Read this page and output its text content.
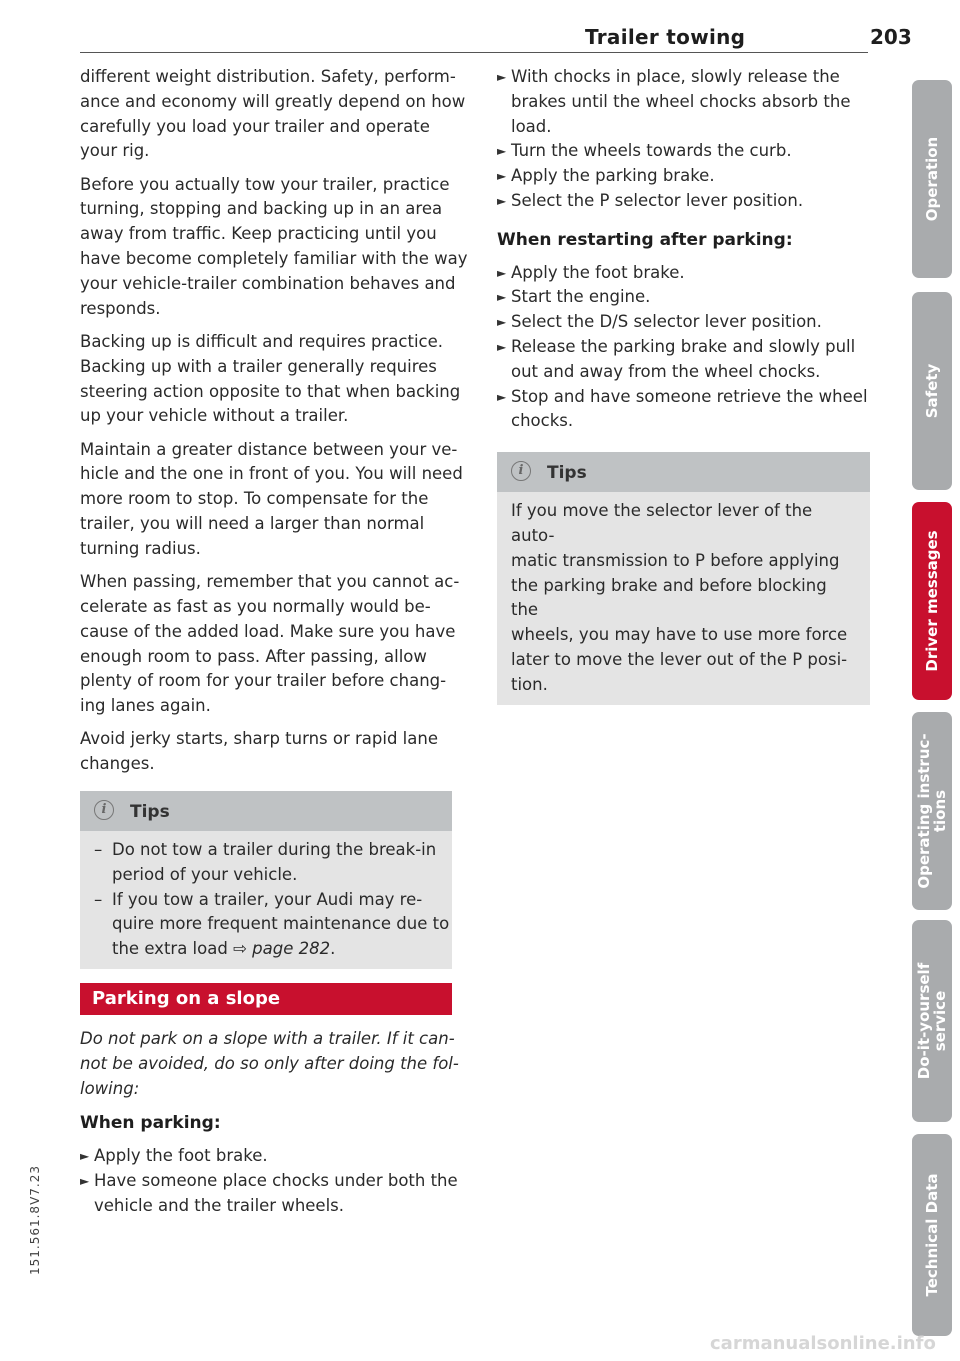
Trailer towing	203
different weight distribution. Safety, perform-
ance and economy will greatly depend on how
carefully you load your trailer and operate
your rig.
Before you actually tow your trailer, practice
turning, stopping and backing up in an area
away from traffic. Keep practicing until you
have become completely familiar with the way
your vehicle-trailer combination behaves and
responds.
Backing up is difficult and requires practice.
Backing up with a trailer generally requires
steering action opposite to that when backing
up your vehicle without a trailer.
Maintain a greater distance between your ve-
hicle and the one in front of you. You will need
more room to stop. To compensate for the
trailer, you will need a larger than normal
turning radius.
When passing, remember that you cannot ac-
celerate as fast as you normally would be-
cause of the added load. Make sure you have
enough room to pass. After passing, allow
plenty of room for your trailer before chang-
ing lanes again.
Avoid jerky starts, sharp turns or rapid lane
changes.
i	Tips
– Do not tow a trailer during the break-in
period of your vehicle.
– If you tow a trailer, your Audi may re-
quire more frequent maintenance due to
the extra load ⇨ page 282.
Parking on a slope
Do not park on a slope with a trailer. If it can-
not be avoided, do so only after doing the fol-
lowing:
When parking:
► Apply the foot brake.
► Have someone place chocks under both the
vehicle and the trailer wheels.
► With chocks in place, slowly release the
brakes until the wheel chocks absorb the
load.
► Turn the wheels towards the curb.
► Apply the parking brake.
► Select the P selector lever position.
When restarting after parking:
► Apply the foot brake.
► Start the engine.
► Select the D/S selector lever position.
► Release the parking brake and slowly pull
out and away from the wheel chocks.
► Stop and have someone retrieve the wheel
chocks.
i	Tips
If you move the selector lever of the auto-
matic transmission to P before applying
the parking brake and before blocking the
wheels, you may have to use more force
later to move the lever out of the P posi-
tion.
Operation
Safety
Driver messages
Operating instruc-
tions
Do-it-yourself
service
Technical Data
151.561.8V7.23
carmanualsonline.info
